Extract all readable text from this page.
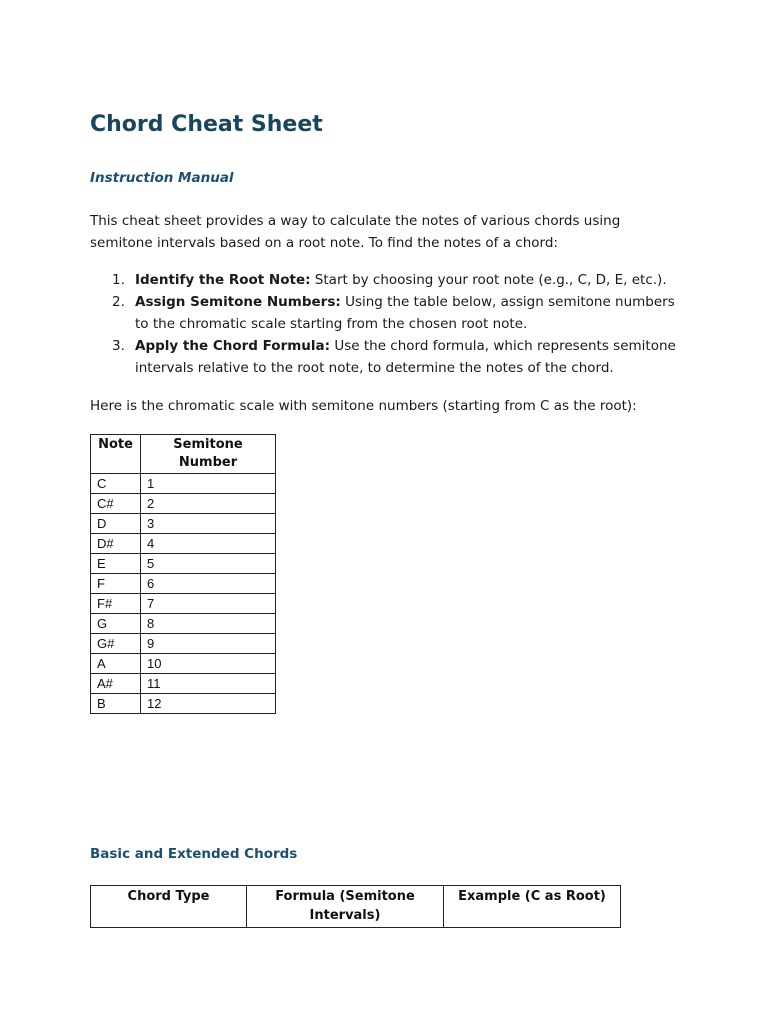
Chord Cheat Sheet

Instruction Manual

This cheat sheet provides a way to calculate the notes of various chords using semitone intervals based on a root note. To find the notes of a chord:

1. Identify the Root Note: Start by choosing your root note (e.g., C, D, E, etc.).
2. Assign Semitone Numbers: Using the table below, assign semitone numbers to the chromatic scale starting from the chosen root note.
3. Apply the Chord Formula: Use the chord formula, which represents semitone intervals relative to the root note, to determine the notes of the chord.

Here is the chromatic scale with semitone numbers (starting from C as the root):

Note	Semitone Number
C	1
C#	2
D	3
D#	4
E	5
F	6
F#	7
G	8
G#	9
A	10
A#	11
B	12

Basic and Extended Chords

Chord Type	Formula (Semitone Intervals)	Example (C as Root)
